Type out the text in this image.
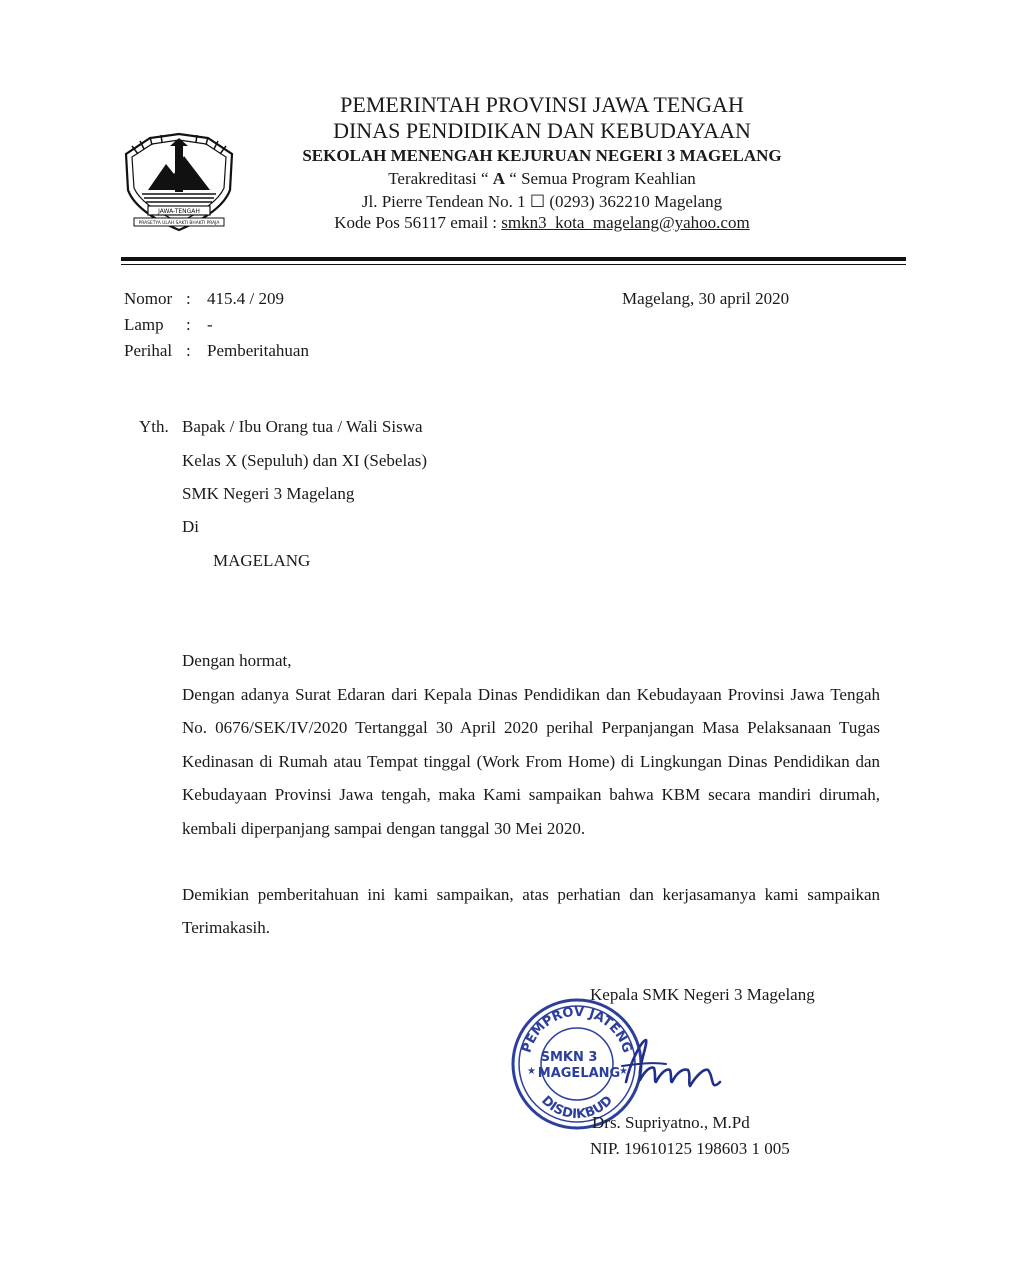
JAWA-TENGAH
PRASETYA ULAH SAKTI BHAKTI PRAJA
PEMERINTAH PROVINSI JAWA TENGAH
DINAS PENDIDIKAN DAN KEBUDAYAAN
SEKOLAH MENENGAH KEJURUAN NEGERI 3 MAGELANG
Terakreditasi “ A “ Semua Program Keahlian
Jl. Pierre Tendean No. 1 ☐ (0293) 362210 Magelang
Kode Pos 56117 email : smkn3_kota_magelang@yahoo.com
Nomor : 415.4 / 209
Lamp : -
Perihal : Pemberitahuan
Magelang, 30 april 2020
Yth. Bapak / Ibu Orang tua / Wali Siswa
Kelas X (Sepuluh) dan XI (Sebelas)
SMK Negeri 3 Magelang
Di
MAGELANG
Dengan hormat,
Dengan adanya Surat Edaran dari Kepala Dinas Pendidikan dan Kebudayaan Provinsi Jawa Tengah No. 0676/SEK/IV/2020 Tertanggal 30 April 2020 perihal Perpanjangan Masa Pelaksanaan Tugas Kedinasan di Rumah atau Tempat tinggal (Work From Home) di Lingkungan Dinas Pendidikan dan Kebudayaan Provinsi Jawa tengah, maka Kami sampaikan bahwa KBM secara mandiri dirumah, kembali diperpanjang sampai dengan tanggal 30 Mei 2020.
Demikian pemberitahuan ini kami sampaikan, atas perhatian dan kerjasamanya kami sampaikan Terimakasih.
Kepala SMK Negeri 3 Magelang
PEMPROV JATENG
DISDIKBUD
SMKN 3
MAGELANG
★	★
Drs. Supriyatno., M.Pd
NIP. 19610125 198603 1 005
